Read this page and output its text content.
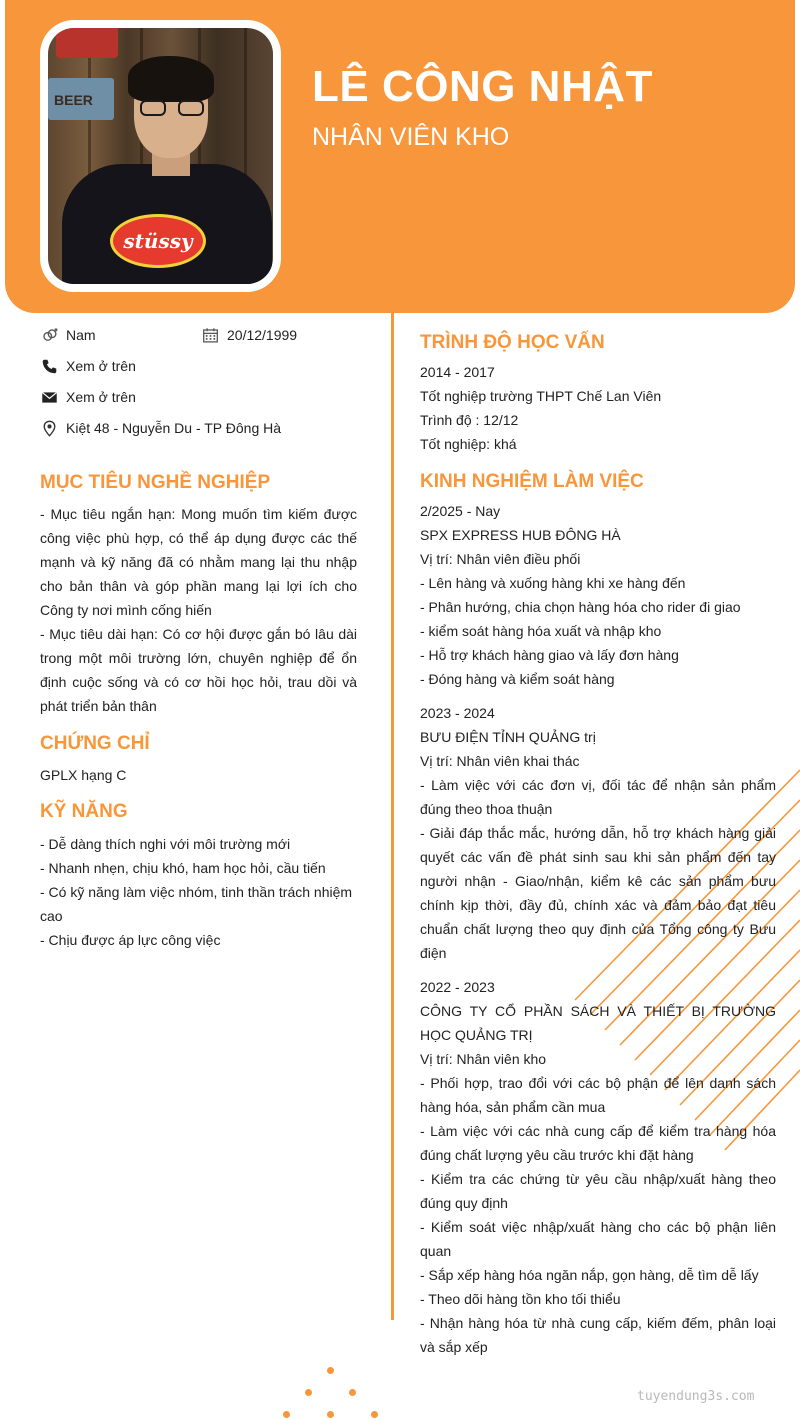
BEER
stüssy
LÊ CÔNG NHẬT
NHÂN VIÊN KHO
Nam	20/12/1999
Xem ở trên
Xem ở trên
Kiệt 48 - Nguyễn Du - TP Đông Hà
MỤC TIÊU NGHỀ NGHIỆP

- Mục tiêu ngắn hạn: Mong muốn tìm kiếm được công việc phù hợp, có thể áp dụng được các thế mạnh và kỹ năng đã có nhằm mang lại thu nhập cho bản thân và góp phần mang lại lợi ích cho Công ty nơi mình cống hiến

- Mục tiêu dài hạn: Có cơ hội được gắn bó lâu dài trong một môi trường lớn, chuyên nghiệp để ổn định cuộc sống và có cơ hồi học hỏi, trau dồi và phát triển bản thân

CHỨNG CHỈ

GPLX hạng C

KỸ NĂNG

- Dễ dàng thích nghi với môi trường mới

- Nhanh nhẹn, chịu khó, ham học hỏi, cầu tiến

- Có kỹ năng làm việc nhóm, tinh thần trách nhiệm cao

- Chịu được áp lực công việc

TRÌNH ĐỘ HỌC VẤN

2014 - 2017

Tốt nghiệp trường THPT Chế Lan Viên

Trình độ : 12/12

Tốt nghiệp: khá

KINH NGHIỆM LÀM VIỆC

2/2025 - Nay

SPX EXPRESS HUB ĐÔNG HÀ

Vị trí: Nhân viên điều phối

- Lên hàng và xuống hàng khi xe hàng đến

- Phân hướng, chia chọn hàng hóa cho rider đi giao

- kiểm soát hàng hóa xuất và nhập kho

- Hỗ trợ khách hàng giao và lấy đơn hàng

- Đóng hàng và kiểm soát hàng

2023 - 2024

BƯU ĐIỆN TỈNH QUẢNG trị

Vị trí: Nhân viên khai thác

- Làm việc với các đơn vị, đối tác để nhận sản phẩm đúng theo thoa thuận

- Giải đáp thắc mắc, hướng dẫn, hỗ trợ khách hàng giải quyết các vấn đề phát sinh sau khi sản phẩm đến tay người nhận - Giao/nhận, kiểm kê các sản phẩm bưu chính kịp thời, đầy đủ, chính xác và đảm bảo đạt tiêu chuẩn chất lượng theo quy định của Tổng công ty Bưu điện

2022 - 2023

CÔNG TY CỔ PHẦN SÁCH VÀ THIẾT BỊ TRƯỜNG HỌC QUẢNG TRỊ

Vị trí: Nhân viên kho

- Phối hợp, trao đổi với các bộ phận để lên danh sách hàng hóa, sản phẩm cần mua

- Làm việc với các nhà cung cấp để kiểm tra hàng hóa đúng chất lượng yêu cầu trước khi đặt hàng

- Kiểm tra các chứng từ yêu cầu nhập/xuất hàng theo đúng quy định

- Kiểm soát việc nhập/xuất hàng cho các bộ phận liên quan

- Sắp xếp hàng hóa ngăn nắp, gọn hàng, dễ tìm dễ lấy

- Theo dõi hàng tồn kho tối thiểu

- Nhận hàng hóa từ nhà cung cấp, kiếm đếm, phân loại và sắp xếp

tuyendung3s.com
